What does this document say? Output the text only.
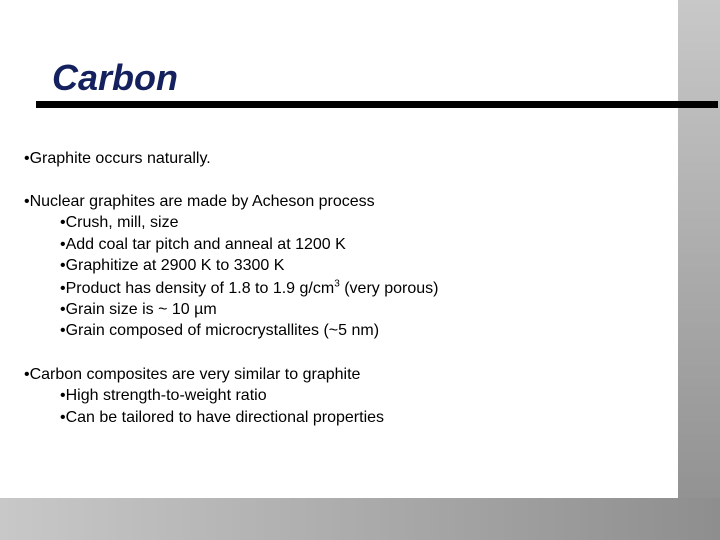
Carbon
•Graphite occurs naturally.
•Nuclear graphites are made by Acheson process
•Crush, mill, size
•Add coal tar pitch and anneal at 1200 K
•Graphitize at 2900 K to 3300 K
•Product has density of 1.8 to 1.9 $g/cm^3$ (very porous)
•Grain size is ~ 10 µm
•Grain composed of microcrystallites (~5 nm)
•Carbon composites are very similar to graphite
•High strength-to-weight ratio
•Can be tailored to have directional properties
